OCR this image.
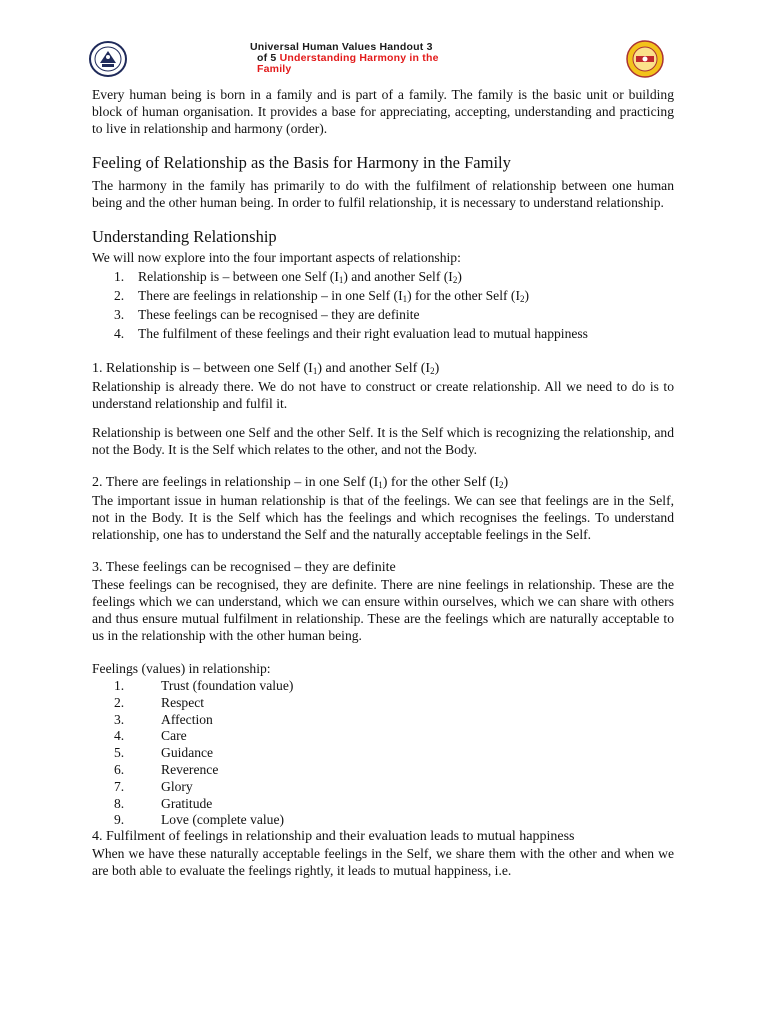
Universal Human Values Handout 3
of 5 Understanding Harmony in the
Family

Every human being is born in a family and is part of a family. The family is the basic unit or building block of human organisation. It provides a base for appreciating, accepting, understanding and practicing to live in relationship and harmony (order).

Feeling of Relationship as the Basis for Harmony in the Family

The harmony in the family has primarily to do with the fulfilment of relationship between one human being and the other human being. In order to fulfil relationship, it is necessary to understand relationship.

Understanding Relationship

We will now explore into the four important aspects of relationship:

1. Relationship is – between one Self $(I_1)$ and another Self $(I_2)$
2. There are feelings in relationship – in one Self $(I_1)$ for the other Self $(I_2)$
3. These feelings can be recognised – they are definite
4. The fulfilment of these feelings and their right evaluation lead to mutual happiness
1. Relationship is – between one Self $(I_1)$ and another Self $(I_2)$

Relationship is already there. We do not have to construct or create relationship. All we need to do is to understand relationship and fulfil it.

Relationship is between one Self and the other Self. It is the Self which is recognizing the relationship, and not the Body. It is the Self which relates to the other, and not the Body.

2. There are feelings in relationship – in one Self $(I_1)$ for the other Self $(I_2)$

The important issue in human relationship is that of the feelings. We can see that feelings are in the Self, not in the Body. It is the Self which has the feelings and which recognises the feelings. To understand relationship, one has to understand the Self and the naturally acceptable feelings in the Self.

3. These feelings can be recognised – they are definite

These feelings can be recognised, they are definite. There are nine feelings in relationship. These are the feelings which we can understand, which we can ensure within ourselves, which we can share with others and thus ensure mutual fulfilment in relationship. These are the feelings which are naturally acceptable to us in the relationship with the other human being.

Feelings (values) in relationship:

1.	Trust (foundation value)
2.	Respect
3.	Affection
4.	Care
5.	Guidance
6.	Reverence
7.	Glory
8.	Gratitude
9.	Love (complete value)
4. Fulfilment of feelings in relationship and their evaluation leads to mutual happiness

When we have these naturally acceptable feelings in the Self, we share them with the other and when we are both able to evaluate the feelings rightly, it leads to mutual happiness, i.e.
